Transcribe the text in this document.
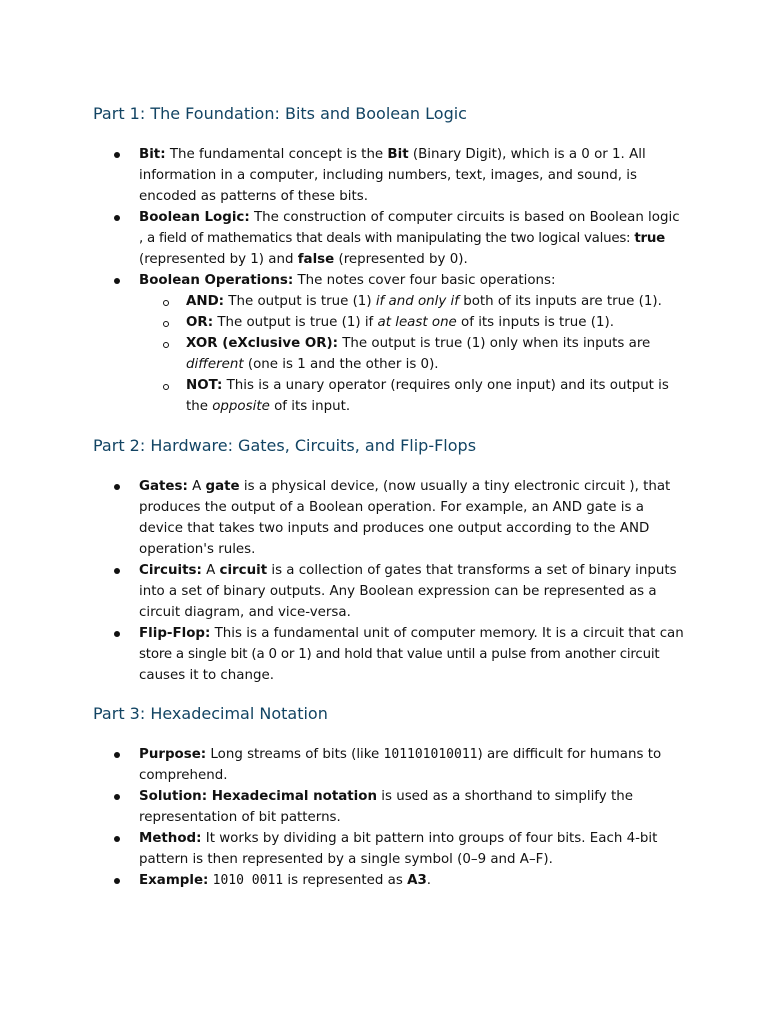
Part 1: The Foundation: Bits and Boolean Logic
Bit: The fundamental concept is the Bit (Binary Digit), which is a 0 or 1. All
information in a computer, including numbers, text, images, and sound, is
encoded as patterns of these bits.
Boolean Logic: The construction of computer circuits is based on Boolean logic
, a field of mathematics that deals with manipulating the two logical values: true
(represented by 1) and false (represented by 0).
Boolean Operations: The notes cover four basic operations:
AND: The output is true (1) if and only if both of its inputs are true (1).
OR: The output is true (1) if at least one of its inputs is true (1).
XOR (eXclusive OR): The output is true (1) only when its inputs are
different (one is 1 and the other is 0).
NOT: This is a unary operator (requires only one input) and its output is
the opposite of its input.
Part 2: Hardware: Gates, Circuits, and Flip-Flops
Gates: A gate is a physical device, (now usually a tiny electronic circuit ), that
produces the output of a Boolean operation. For example, an AND gate is a
device that takes two inputs and produces one output according to the AND
operation's rules.
Circuits: A circuit is a collection of gates that transforms a set of binary inputs
into a set of binary outputs. Any Boolean expression can be represented as a
circuit diagram, and vice-versa.
Flip-Flop: This is a fundamental unit of computer memory. It is a circuit that can
store a single bit (a 0 or 1) and hold that value until a pulse from another circuit
causes it to change.
Part 3: Hexadecimal Notation
Purpose: Long streams of bits (like 101101010011) are difficult for humans to
comprehend.
Solution: Hexadecimal notation is used as a shorthand to simplify the
representation of bit patterns.
Method: It works by dividing a bit pattern into groups of four bits. Each 4-bit
pattern is then represented by a single symbol (0–9 and A–F).
Example: 1010 0011 is represented as A3.
